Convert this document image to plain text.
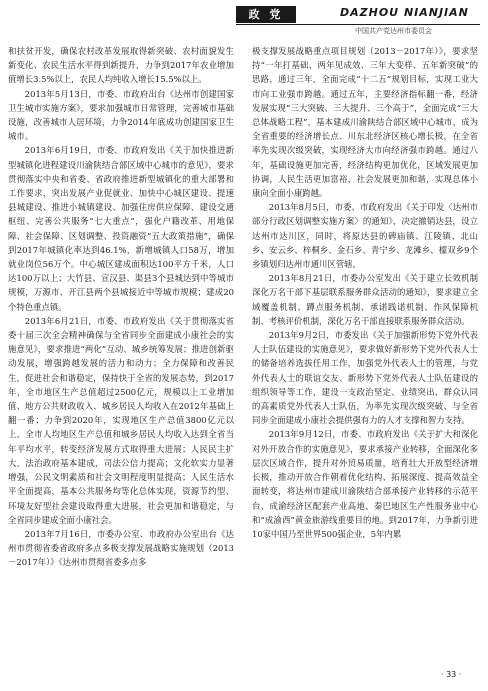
政 党	DAZHOU NIANJIAN
中国共产党达州市委员会

和扶贫开发，确保农村改革发展取得新突破、农村面貌发生新变化、农民生活水平得到新提升，力争到2017年农业增加值增长3.5%以上，农民人均纯收入增长15.5%以上。

2013年5月13日，市委、市政府出台《达州市创建国家卫生城市实施方案》，要求加强城市日常管理，完善城市基础设施，改善城市人居环境，力争2014年底成功创建国家卫生城市。

2013年6月19日，市委、市政府发出《关于加快推进新型城镇化进程建设川渝陕结合部区域中心城市的意见》，要求贯彻落实中央和省委、省政府推进新型城镇化的重大部署和工作要求，突出发展产业促就业、加快中心城区建设、提速县城建设、推进小城镇建设、加强住房供应保障、建设交通枢纽、完善公共服务“七大重点”，强化户籍改革、用地保障、社会保障、区划调整、投资融资“五大政策措施”，确保到2017年城镇化率达到46.1%，新增城镇人口58万，增加就业岗位56万个。中心城区建成面积达100平方千米，人口达100万以上；大竹县、宣汉县、渠县3个县城达到中等城市规模，万源市、开江县两个县城接近中等城市规模；建成20个特色重点镇。

2013年6月21日，市委、市政府发出《关于贯彻落实省委十届三次全会精神确保与全省同步全面建成小康社会的实施意见》，要求推进“两化”互动、城乡统筹发展；推进创新驱动发展，增强跨越发展的活力和动力；全力保障和改善民生，促进社会和谐稳定，保持快于全省的发展态势，到2017年，全市地区生产总值超过2500亿元，规模以上工业增加值、地方公共财政收入、城乡居民人均收入在2012年基础上翻一番；力争到2020年，实现地区生产总值3800亿元以上，全市人均地区生产总值和城乡居民人均收入达到全省当年平均水平，转变经济发展方式取得重大进展；人民民主扩大，法治政府基本建成，司法公信力提高；文化软实力显著增强，公民文明素质和社会文明程度明显提高；人民生活水平全面提高，基本公共服务均等化总体实现，资源节约型、环境友好型社会建设取得重大进展，社会更加和谐稳定，与全省同步建成全面小康社会。

2013年7月16日，市委办公室、市政府办公室出台《达州市贯彻省委省政府多点多极支撑发展战略实施规划（2013－2017年）》《达州市贯彻省委多点多

极支撑发展战略重点项目规划（2013－2017年）》，要求坚持“一年打基础、两年见成效、三年大变样、五年新突破”的思路，通过三年，全面完成“十二五”规划目标，实现工业大市向工业强市跨越。通过五年，主要经济指标翻一番，经济发展实现“三大突破、三大提升、三个高于”，全面完成“三大总体战略工程”，基本建成川渝陕结合部区域中心城市，成为全省重要的经济增长点、川东北经济区核心增长极，在全省率先实现次级突破，实现经济大市向经济强市跨越。通过八年，基础设施更加完善，经济结构更加优化，区域发展更加协调，人民生活更加富裕，社会发展更加和谐，实现总体小康向全面小康跨越。

2013年8月5日，市委、市政府发出《关于印发〈达州市部分行政区划调整实施方案〉的通知》，决定撤销达县，设立达州市达川区，同时，将原达县的碑庙镇、江陵镇、北山乡、安云乡、梓桐乡、金石乡、青宁乡、龙滩乡、檬双乡9个乡镇划归达州市通川区管辖。

2013年8月21日，市委办公室发出《关于建立长效机制深化万名干部下基层联系服务群众活动的通知》，要求建立全域覆盖机制、蹲点服务机制、承诺践诺机制、作风保障机制、考核评价机制，深化万名干部直接联系服务群众活动。

2013年9月2日，市委发出《关于加强新形势下党外代表人士队伍建设的实施意见》，要求做好新形势下党外代表人士的储备培养选拔任用工作，加强党外代表人士的管理，与党外代表人士的联谊交友、新形势下党外代表人士队伍建设的组织领导等工作，建设一支政治坚定、业绩突出、群众认同的高素质党外代表人士队伍，为率先实现次级突破、与全省同步全面建成小康社会提供强有力的人才支撑和智力支持。

2013年9月12日，市委、市政府发出《关于扩大和深化对外开放合作的实施意见》，要求承接产业转移，全面深化多层次区域合作，提升对外贸易质量，培育壮大开放型经济增长极，推动开放合作朝着优化结构、拓展深度、提高效益全面转变，将达州市建成川渝陕结合部承接产业转移的示范平台、成渝经济区配套产业高地、秦巴地区生产性服务业中心和“成渝西”黄金旅游线重要目的地。到2017年，力争新引进10家中国乃至世界500强企业，5年内累

· 33 ·
